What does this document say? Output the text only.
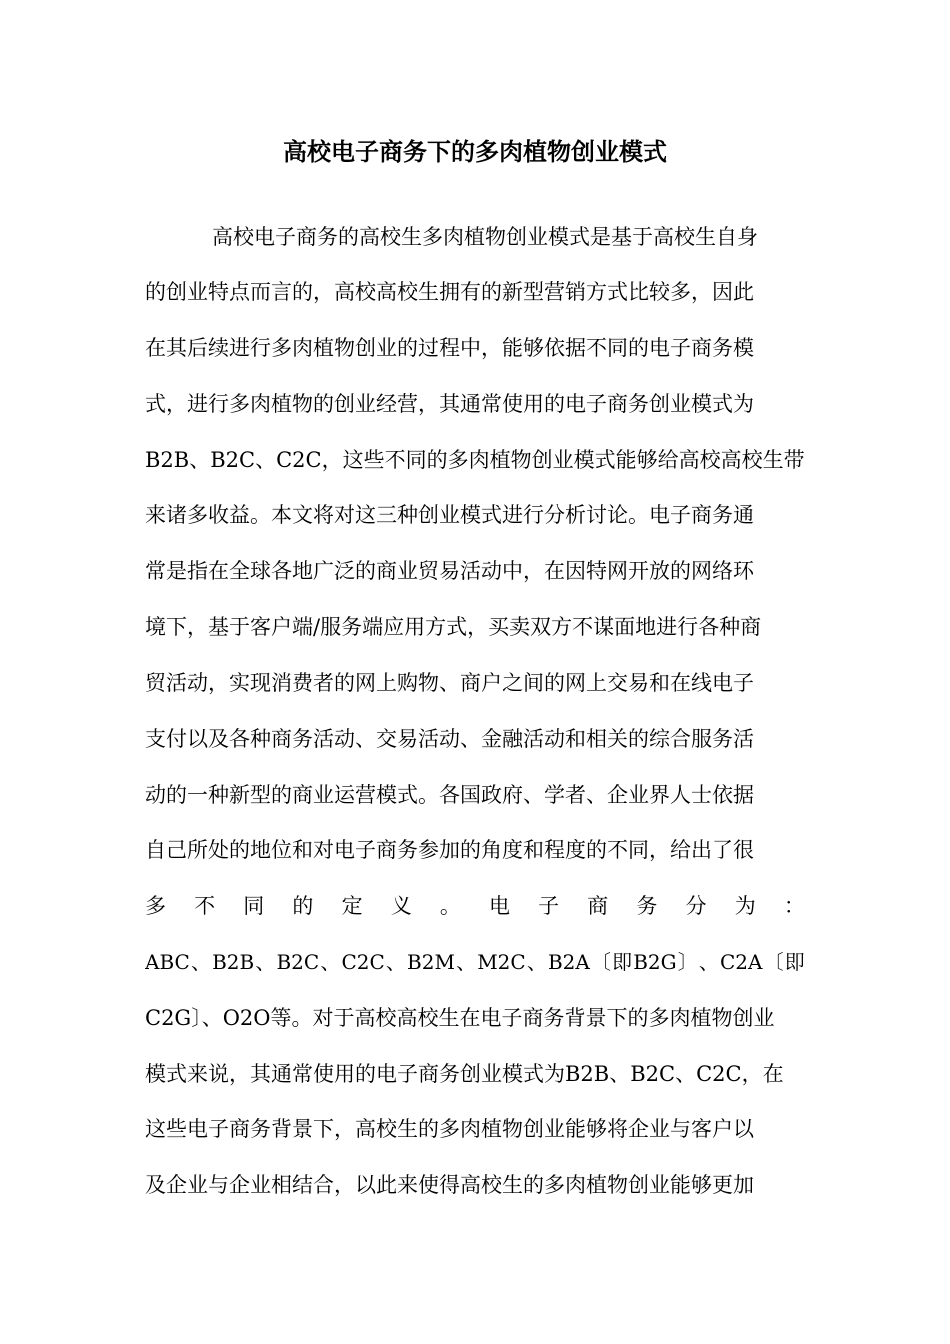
高校电子商务下的多肉植物创业模式
高校电子商务的高校生多肉植物创业模式是基于高校生自身
的创业特点而言的，高校高校生拥有的新型营销方式比较多，因此
在其后续进行多肉植物创业的过程中，能够依据不同的电子商务模
式，进行多肉植物的创业经营，其通常使用的电子商务创业模式为
B2B、B2C、C2C，这些不同的多肉植物创业模式能够给高校高校生带
来诸多收益。本文将对这三种创业模式进行分析讨论。电子商务通
常是指在全球各地广泛的商业贸易活动中，在因特网开放的网络环
境下，基于客户端/服务端应用方式，买卖双方不谋面地进行各种商
贸活动，实现消费者的网上购物、商户之间的网上交易和在线电子
支付以及各种商务活动、交易活动、金融活动和相关的综合服务活
动的一种新型的商业运营模式。各国政府、学者、企业界人士依据
自己所处的地位和对电子商务参加的角度和程度的不同，给出了很
多 不 同 的 定 义 。 电 子 商 务 分 为 ：
ABC 、 B2B 、 B2C 、 C2C 、 B2M 、 M2C 、 B2A 〔 即 B2G 〕 、 C2A 〔 即
C2G〕、O2O等。对于高校高校生在电子商务背景下的多肉植物创业
模式来说，其通常使用的电子商务创业模式为B2B、B2C、C2C，在
这些电子商务背景下，高校生的多肉植物创业能够将企业与客户以
及企业与企业相结合，以此来使得高校生的多肉植物创业能够更加
